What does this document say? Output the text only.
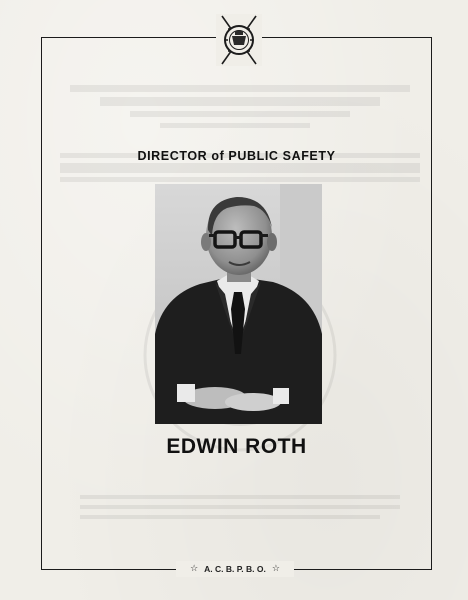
DIRECTOR of PUBLIC SAFETY
EDWIN ROTH
☆ A. C. B. P. B. O. ☆
